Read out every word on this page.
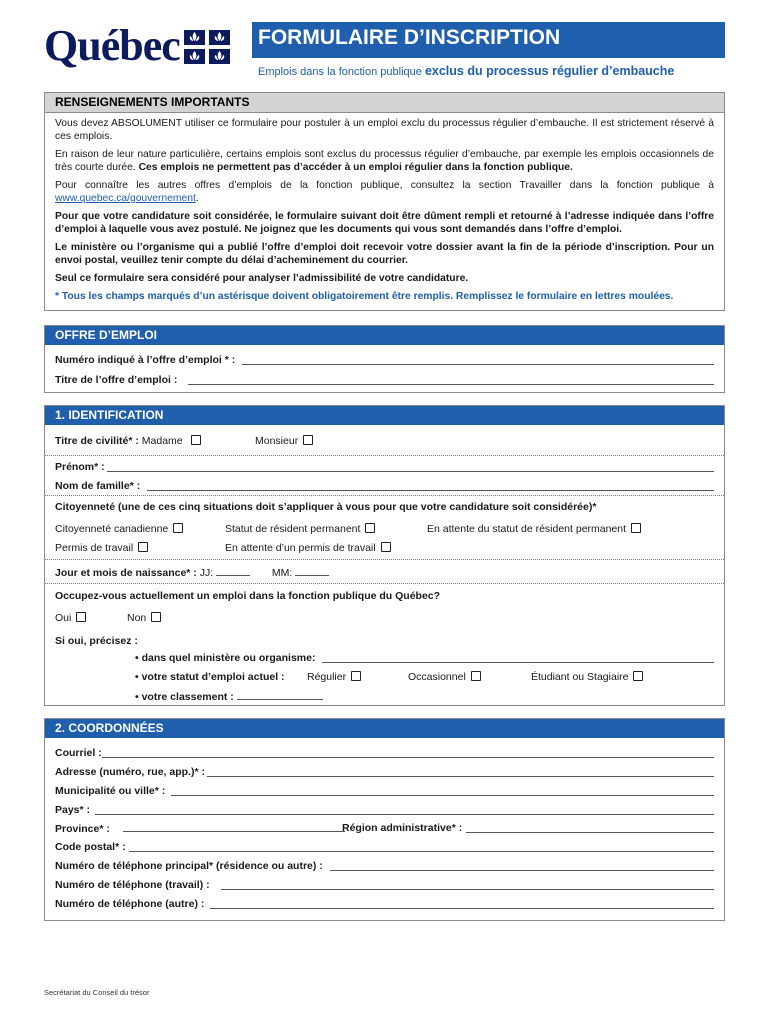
Québec	FORMULAIRE D’INSCRIPTION
Emplois dans la fonction publique exclus du processus régulier d’embauche
RENSEIGNEMENTS IMPORTANTS

Vous devez ABSOLUMENT utiliser ce formulaire pour postuler à un emploi exclu du processus régulier d’embauche. Il est strictement réservé à ces emplois.

En raison de leur nature particulière, certains emplois sont exclus du processus régulier d’embauche, par exemple les emplois occasionnels de très courte durée. Ces emplois ne permettent pas d’accéder à un emploi régulier dans la fonction publique.

Pour connaître les autres offres d’emplois de la fonction publique, consultez la section Travailler dans la fonction publique à www.quebec.ca/gouvernement.

Pour que votre candidature soit considérée, le formulaire suivant doit être dûment rempli et retourné à l’adresse indiquée dans l’offre d’emploi à laquelle vous avez postulé. Ne joignez que les documents qui vous sont demandés dans l’offre d’emploi.

Le ministère ou l’organisme qui a publié l’offre d’emploi doit recevoir votre dossier avant la fin de la période d’inscription. Pour un envoi postal, veuillez tenir compte du délai d’acheminement du courrier.

Seul ce formulaire sera considéré pour analyser l’admissibilité de votre candidature.

* Tous les champs marqués d’un astérisque doivent obligatoirement être remplis. Remplissez le formulaire en lettres moulées.

OFFRE D’EMPLOI
Numéro indiqué à l’offre d’emploi * :
Titre de l’offre d’emploi :
1. IDENTIFICATION
Titre de civilité* : Madame	Monsieur
Prénom* :
Nom de famille* :
Citoyenneté (une de ces cinq situations doit s’appliquer à vous pour que votre candidature soit considérée)*
Citoyenneté canadienne	Statut de résident permanent	En attente du statut de résident permanent
Permis de travail	En attente d’un permis de travail
Jour et mois de naissance* : JJ:	MM:
Occupez-vous actuellement un emploi dans la fonction publique du Québec?
Oui	Non
Si oui, précisez :
• dans quel ministère ou organisme:
• votre statut d’emploi actuel : Régulier	Occasionnel	Étudiant ou Stagiaire
• votre classement :
2. COORDONNÉES
Courriel :
Adresse (numéro, rue, app.)* :
Municipalité ou ville* :
Pays* :
Province* :	Région administrative* :
Code postal* :
Numéro de téléphone principal* (résidence ou autre) :
Numéro de téléphone (travail) :
Numéro de téléphone (autre) :
Secrétariat du Conseil du trésor
